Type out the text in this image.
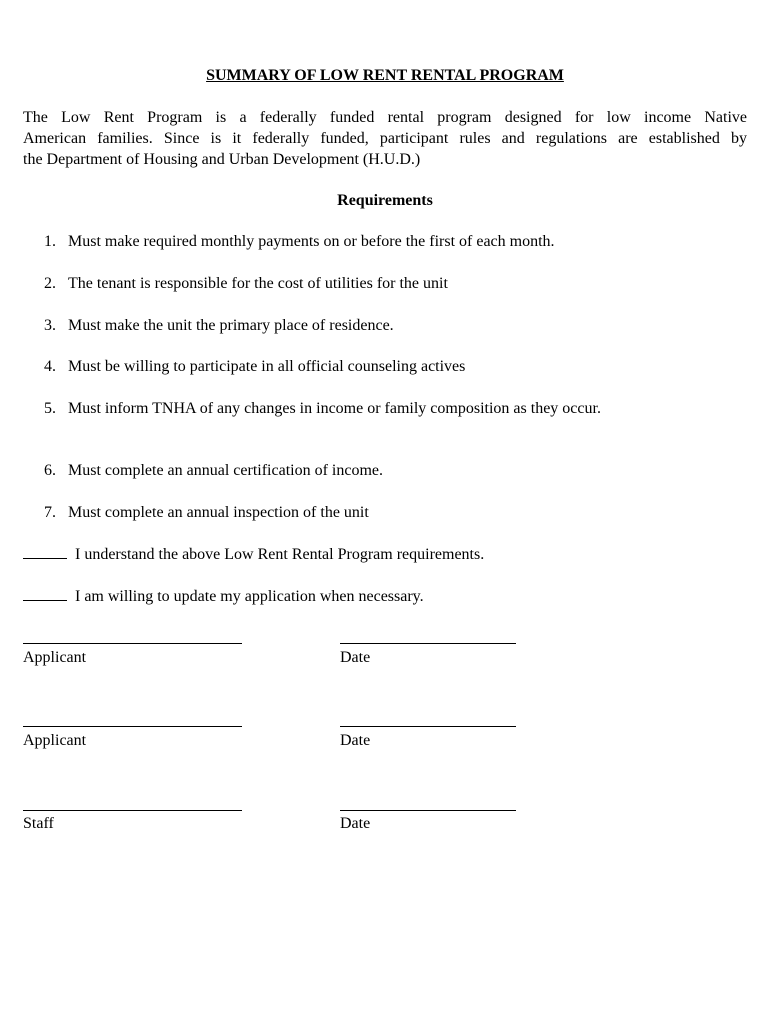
SUMMARY OF LOW RENT RENTAL PROGRAM
The Low Rent Program is a federally funded rental program designed for low income Native
American families. Since is it federally funded, participant rules and regulations are established by
the Department of Housing and Urban Development (H.U.D.)
Requirements
1. Must make required monthly payments on or before the first of each month.
2. The tenant is responsible for the cost of utilities for the unit
3. Must make the unit the primary place of residence.
4. Must be willing to participate in all official counseling actives
5. Must inform TNHA of any changes in income or family composition as they occur.
6. Must complete an annual certification of income.
7. Must complete an annual inspection of the unit
I understand the above Low Rent Rental Program requirements.
I am willing to update my application when necessary.
Applicant	Date
Applicant	Date
Staff	Date
